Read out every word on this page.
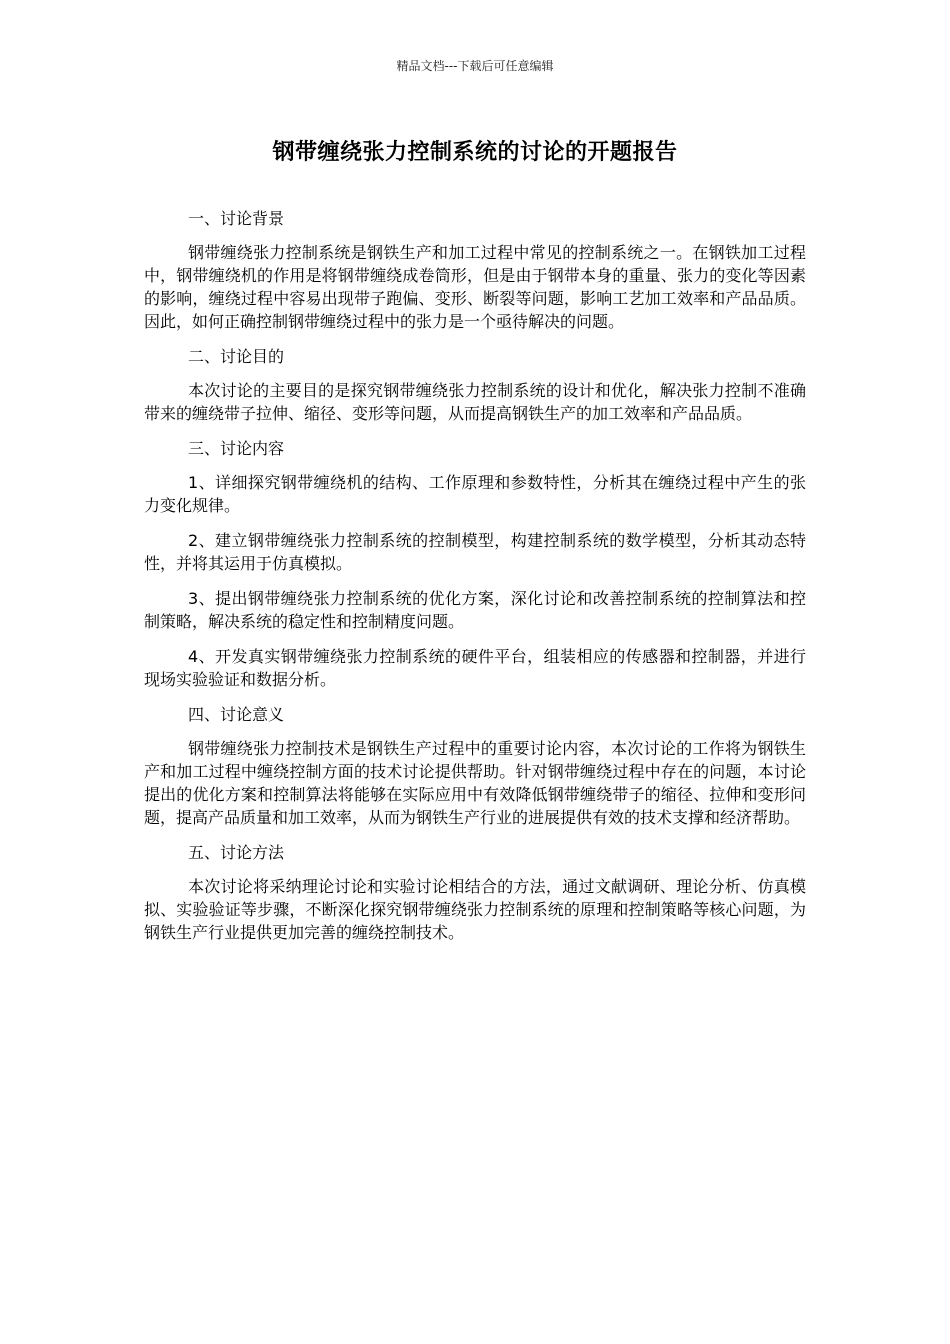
精品文档---下载后可任意编辑
钢带缠绕张力控制系统的讨论的开题报告

一、讨论背景

钢带缠绕张力控制系统是钢铁生产和加工过程中常见的控制系统之一。在钢铁加工过程中，钢带缠绕机的作用是将钢带缠绕成卷筒形，但是由于钢带本身的重量、张力的变化等因素的影响，缠绕过程中容易出现带子跑偏、变形、断裂等问题，影响工艺加工效率和产品品质。因此，如何正确控制钢带缠绕过程中的张力是一个亟待解决的问题。

二、讨论目的

本次讨论的主要目的是探究钢带缠绕张力控制系统的设计和优化，解决张力控制不准确带来的缠绕带子拉伸、缩径、变形等问题，从而提高钢铁生产的加工效率和产品品质。

三、讨论内容

1、详细探究钢带缠绕机的结构、工作原理和参数特性，分析其在缠绕过程中产生的张力变化规律。

2、建立钢带缠绕张力控制系统的控制模型，构建控制系统的数学模型，分析其动态特性，并将其运用于仿真模拟。

3、提出钢带缠绕张力控制系统的优化方案，深化讨论和改善控制系统的控制算法和控制策略，解决系统的稳定性和控制精度问题。

4、开发真实钢带缠绕张力控制系统的硬件平台，组装相应的传感器和控制器，并进行现场实验验证和数据分析。

四、讨论意义

钢带缠绕张力控制技术是钢铁生产过程中的重要讨论内容，本次讨论的工作将为钢铁生产和加工过程中缠绕控制方面的技术讨论提供帮助。针对钢带缠绕过程中存在的问题，本讨论提出的优化方案和控制算法将能够在实际应用中有效降低钢带缠绕带子的缩径、拉伸和变形问题，提高产品质量和加工效率，从而为钢铁生产行业的进展提供有效的技术支撑和经济帮助。

五、讨论方法

本次讨论将采纳理论讨论和实验讨论相结合的方法，通过文献调研、理论分析、仿真模拟、实验验证等步骤，不断深化探究钢带缠绕张力控制系统的原理和控制策略等核心问题，为钢铁生产行业提供更加完善的缠绕控制技术。
